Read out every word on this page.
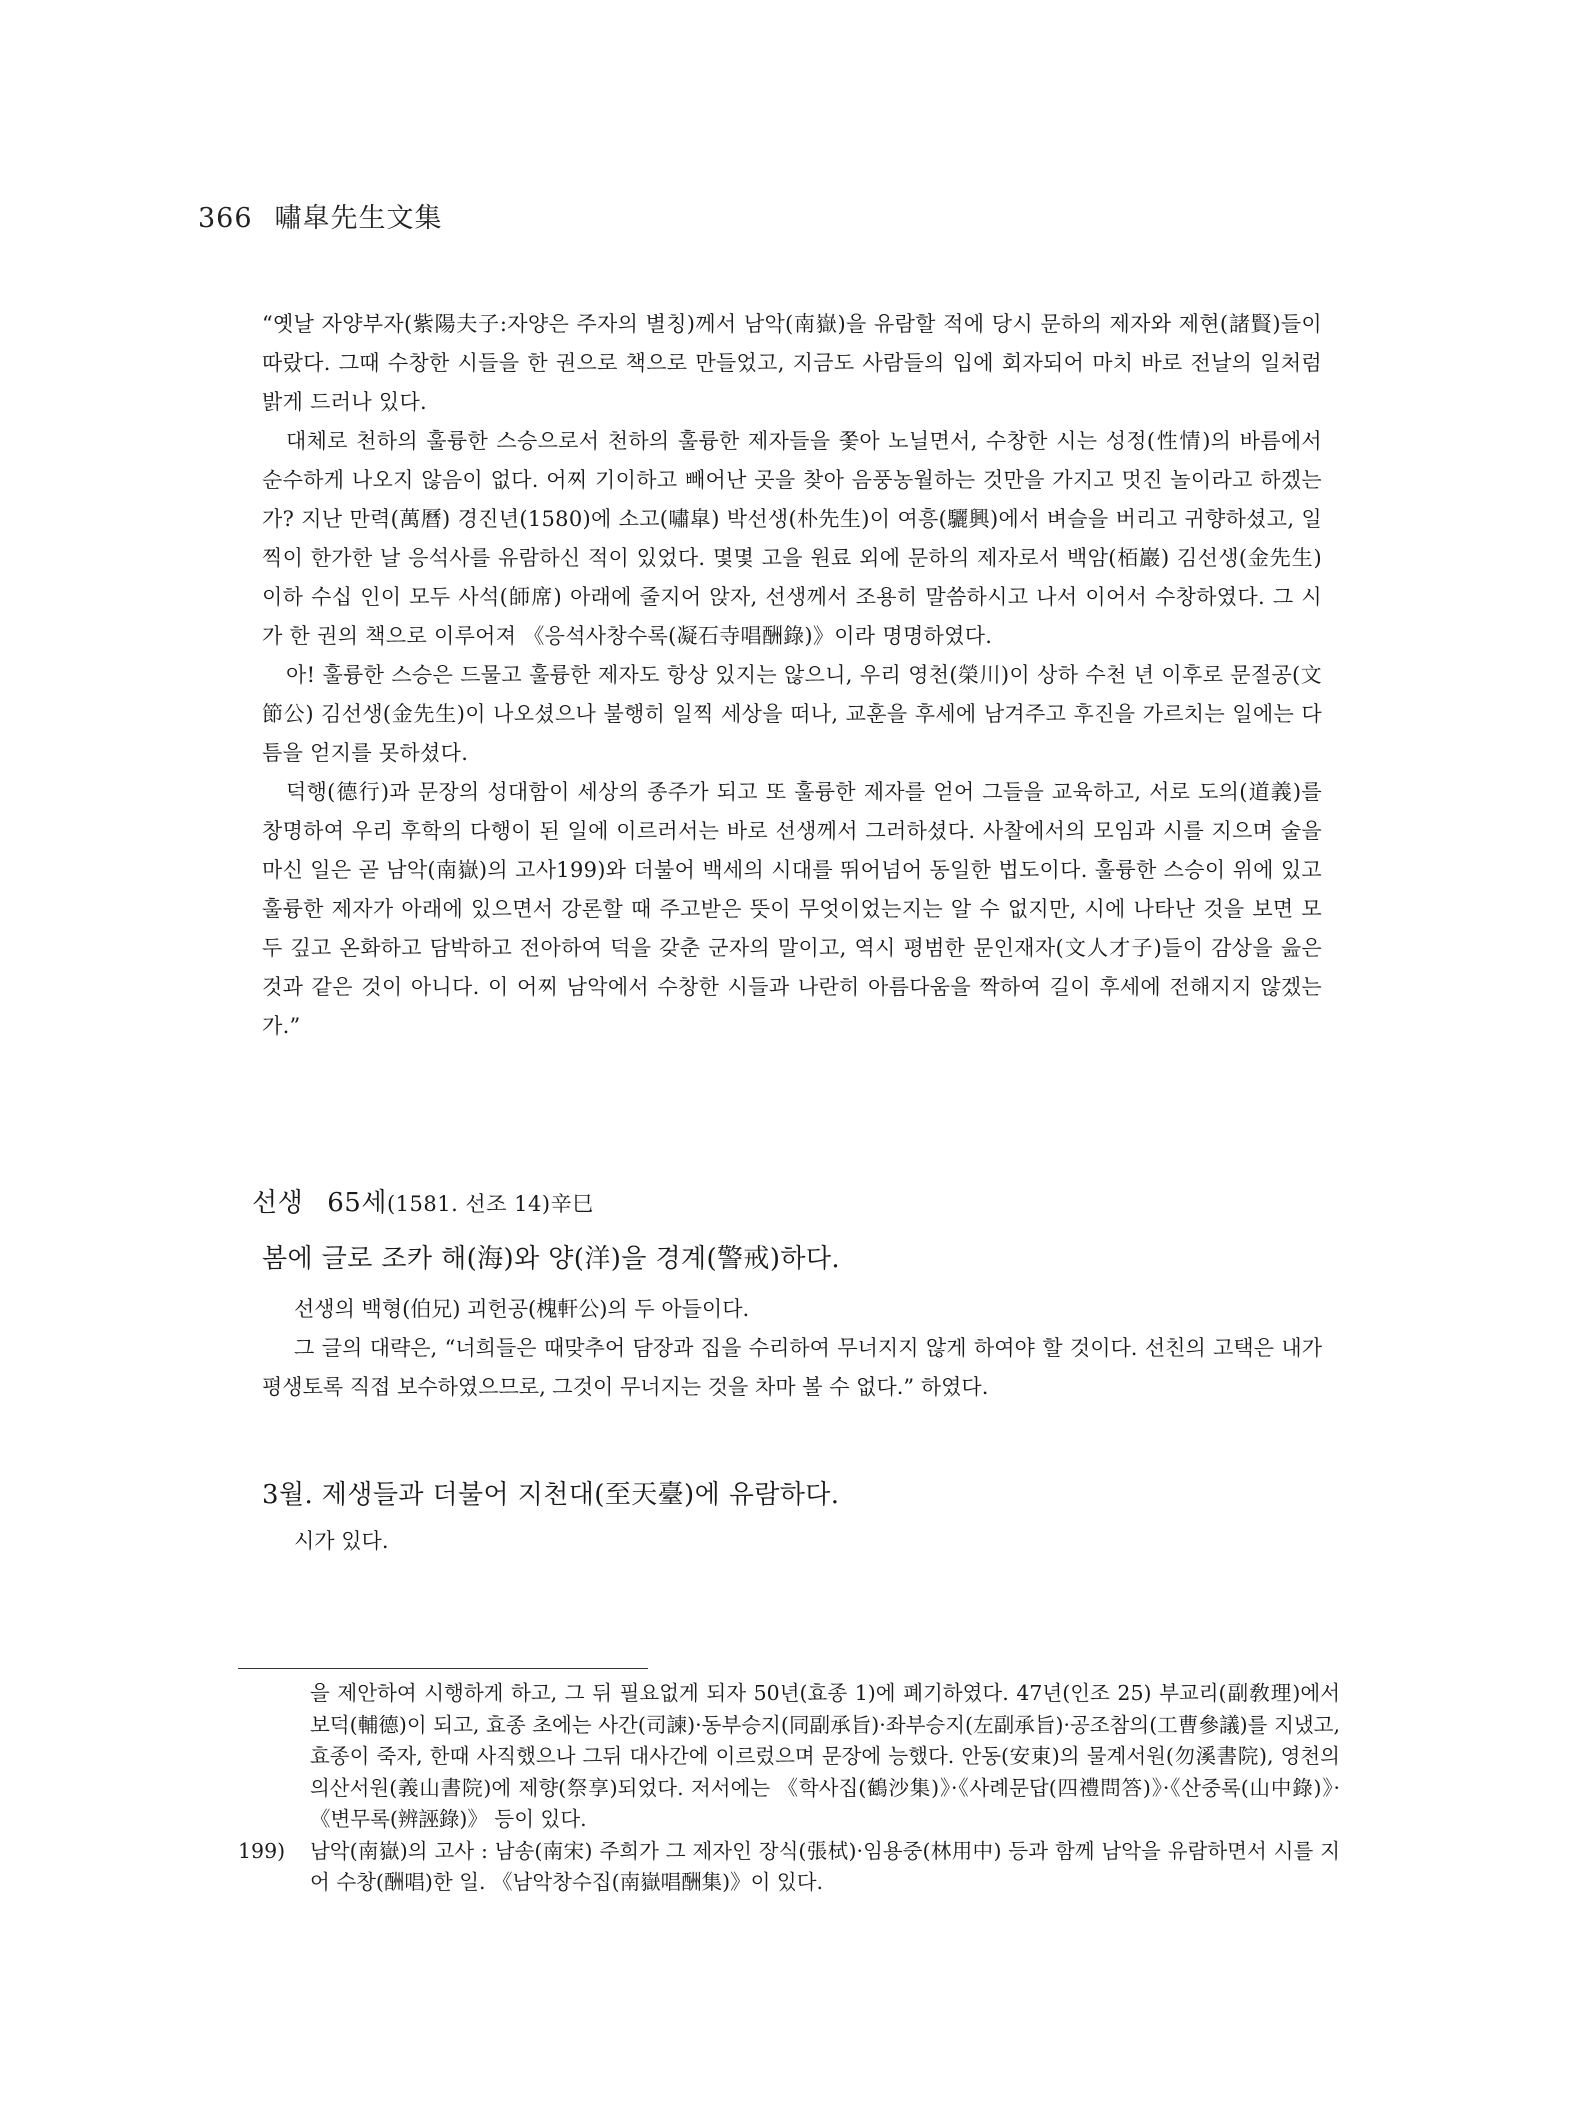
366 嘯皐先生文集

“옛날 자양부자(紫陽夫子:자양은 주자의 별칭)께서 남악(南嶽)을 유람할 적에 당시 문하의 제자와 제현(諸賢)들이 따랐다. 그때 수창한 시들을 한 권으로 책으로 만들었고, 지금도 사람들의 입에 회자되어 마치 바로 전날의 일처럼 밝게 드러나 있다.

대체로 천하의 훌륭한 스승으로서 천하의 훌륭한 제자들을 쫓아 노닐면서, 수창한 시는 성정(性情)의 바름에서 순수하게 나오지 않음이 없다. 어찌 기이하고 빼어난 곳을 찾아 음풍농월하는 것만을 가지고 멋진 놀이라고 하겠는가? 지난 만력(萬曆) 경진년(1580)에 소고(嘯皐) 박선생(朴先生)이 여흥(驪興)에서 벼슬을 버리고 귀향하셨고, 일찍이 한가한 날 응석사를 유람하신 적이 있었다. 몇몇 고을 원료 외에 문하의 제자로서 백암(栢巖) 김선생(金先生) 이하 수십 인이 모두 사석(師席) 아래에 줄지어 앉자, 선생께서 조용히 말씀하시고 나서 이어서 수창하였다. 그 시가 한 권의 책으로 이루어져 《응석사창수록(凝石寺唱酬錄)》이라 명명하였다.

아! 훌륭한 스승은 드물고 훌륭한 제자도 항상 있지는 않으니, 우리 영천(榮川)이 상하 수천 년 이후로 문절공(文節公) 김선생(金先生)이 나오셨으나 불행히 일찍 세상을 떠나, 교훈을 후세에 남겨주고 후진을 가르치는 일에는 다 틈을 얻지를 못하셨다.

덕행(德行)과 문장의 성대함이 세상의 종주가 되고 또 훌륭한 제자를 얻어 그들을 교육하고, 서로 도의(道義)를 창명하여 우리 후학의 다행이 된 일에 이르러서는 바로 선생께서 그러하셨다. 사찰에서의 모임과 시를 지으며 술을 마신 일은 곧 남악(南嶽)의 고사199)와 더불어 백세의 시대를 뛰어넘어 동일한 법도이다. 훌륭한 스승이 위에 있고 훌륭한 제자가 아래에 있으면서 강론할 때 주고받은 뜻이 무엇이었는지는 알 수 없지만, 시에 나타난 것을 보면 모두 깊고 온화하고 담박하고 전아하여 덕을 갖춘 군자의 말이고, 역시 평범한 문인재자(文人才子)들이 감상을 읊은 것과 같은 것이 아니다. 이 어찌 남악에서 수창한 시들과 나란히 아름다움을 짝하여 길이 후세에 전해지지 않겠는가.”

선생 65세(1581. 선조 14)辛巳
봄에 글로 조카 해(海)와 양(洋)을 경계(警戒)하다.

선생의 백형(伯兄) 괴헌공(槐軒公)의 두 아들이다.

그 글의 대략은, “너희들은 때맞추어 담장과 집을 수리하여 무너지지 않게 하여야 할 것이다. 선친의 고택은 내가 평생토록 직접 보수하였으므로, 그것이 무너지는 것을 차마 볼 수 없다.” 하였다.

3월. 제생들과 더불어 지천대(至天臺)에 유람하다.

시가 있다.

을 제안하여 시행하게 하고, 그 뒤 필요없게 되자 50년(효종 1)에 폐기하였다. 47년(인조 25) 부교리(副敎理)에서 보덕(輔德)이 되고, 효종 초에는 사간(司諫)·동부승지(同副承旨)·좌부승지(左副承旨)·공조참의(工曹參議)를 지냈고, 효종이 죽자, 한때 사직했으나 그뒤 대사간에 이르렀으며 문장에 능했다. 안동(安東)의 물계서원(勿溪書院), 영천의 의산서원(義山書院)에 제향(祭享)되었다. 저서에는 《학사집(鶴沙集)》·《사례문답(四禮問答)》·《산중록(山中錄)》·《변무록(辨誣錄)》 등이 있다.

199) 남악(南嶽)의 고사 : 남송(南宋) 주희가 그 제자인 장식(張栻)·임용중(林用中) 등과 함께 남악을 유람하면서 시를 지어 수창(酬唱)한 일. 《남악창수집(南嶽唱酬集)》이 있다.
